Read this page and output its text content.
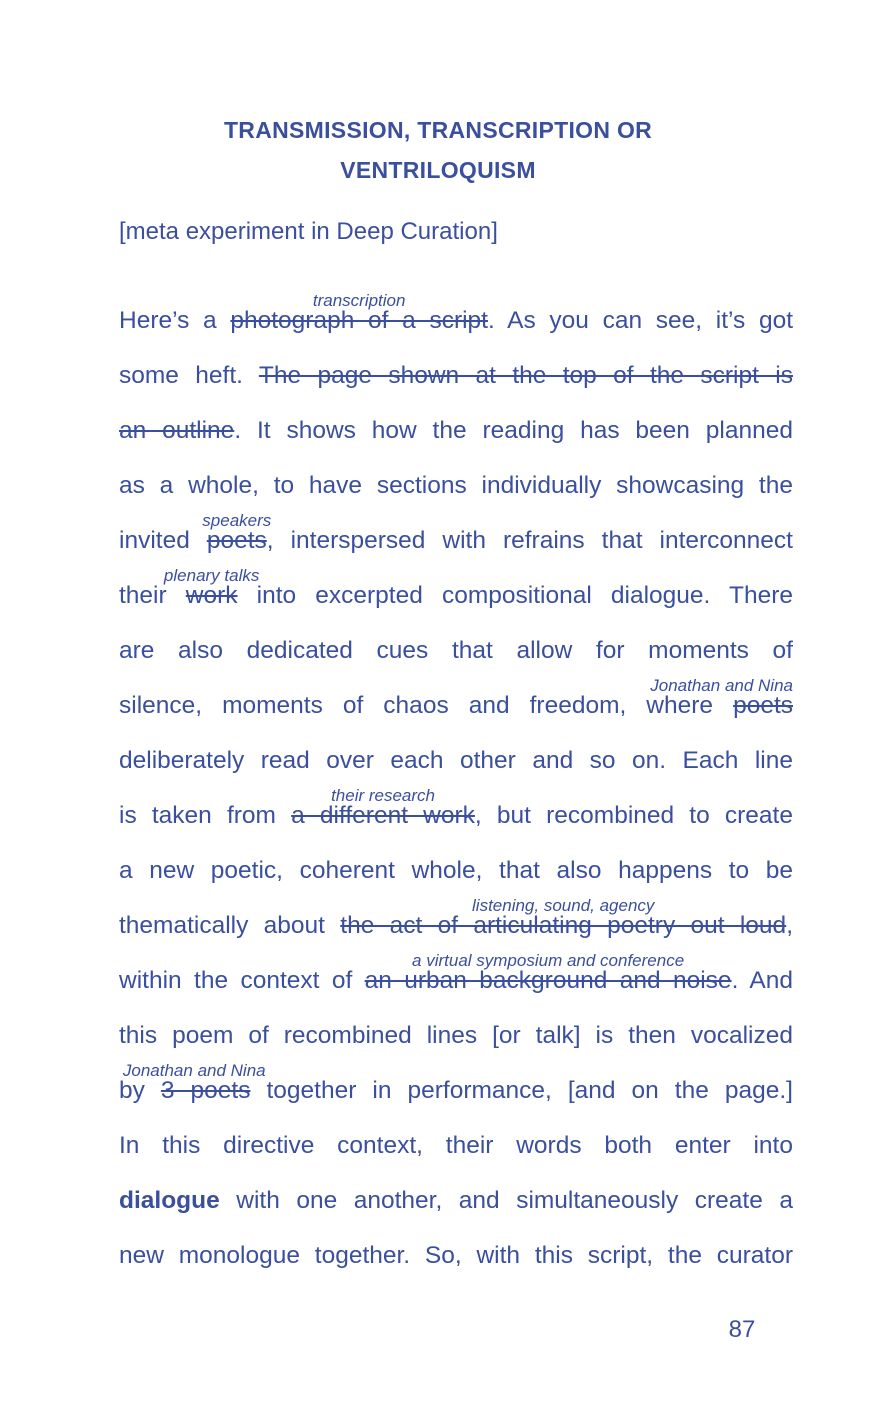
TRANSMISSION, TRANSCRIPTION OR
VENTRILOQUISM
[meta experiment in Deep Curation]
Here’s a photograph of a script
transcription
. As you can see, it’s got
some heft. The page shown at the top of the script is
an outline. It shows how the reading has been planned
as a whole, to have sections individually showcasing the
invited poets
speakers
, interspersed with refrains that interconnect
their work
plenary talks
into excerpted compositional dialogue. There
are also dedicated cues that allow for moments of
silence, moments of chaos and freedom, where poets
Jonathan and Nina
deliberately read over each other and so on. Each line
is taken from a different work
their research
, but recombined to create
a new poetic, coherent whole, that also happens to be
thematically about the act of articulating poetry out loud
listening, sound, agency
,
within the context of an urban background and noise
a virtual symposium and conference
. And
this poem of recombined lines [or talk] is then vocalized
by 3 poets
Jonathan and Nina
together in performance, [and on the page.]
In this directive context, their words both enter into
dialogue with one another, and simultaneously create a
new monologue together. So, with this script, the curator
87
